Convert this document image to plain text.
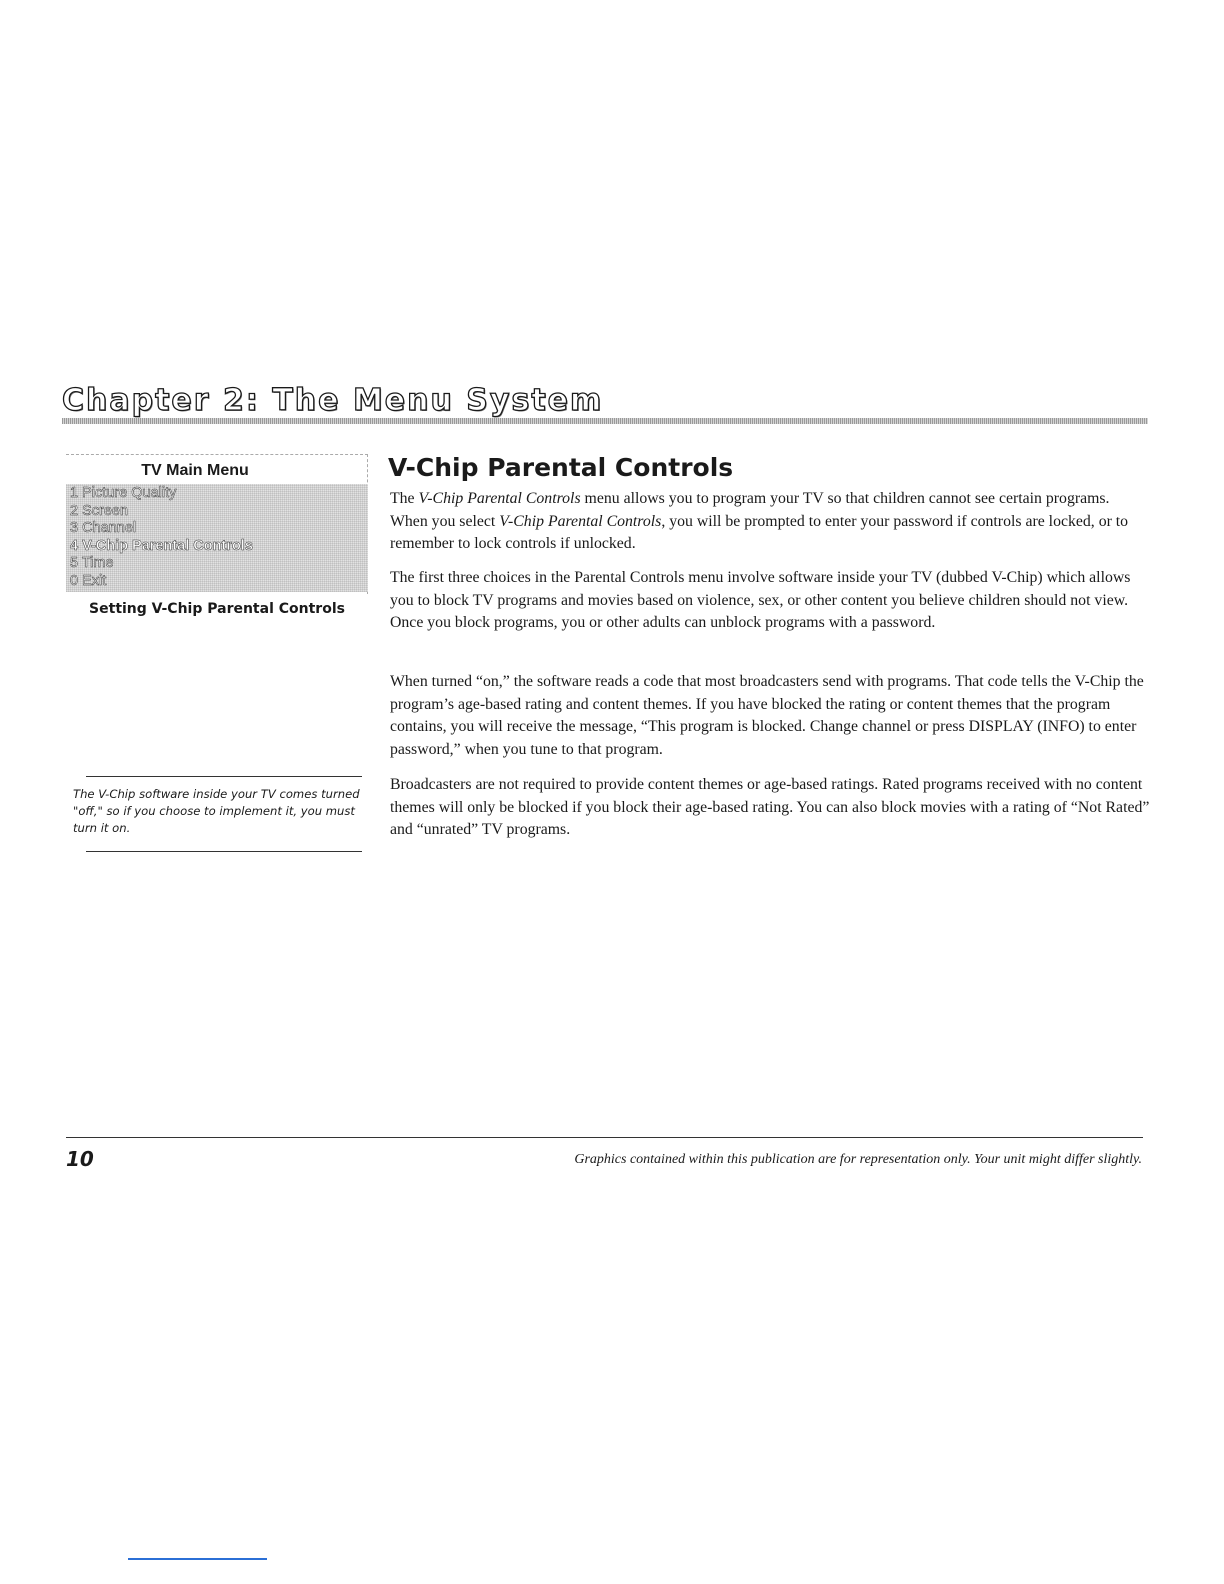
Chapter 2: The Menu System
TV Main Menu
1 Picture Quality
2 Screen
3 Channel
4 V-Chip Parental Controls
5 Time
0 Exit
Setting V-Chip Parental Controls

The V-Chip software inside your TV comes turned "off," so if you choose to implement it, you must turn it on.

V-Chip Parental Controls

The V-Chip Parental Controls menu allows you to program your TV so that children cannot see certain programs. When you select V-Chip Parental Controls, you will be prompted to enter your password if controls are locked, or to remember to lock controls if unlocked.

The first three choices in the Parental Controls menu involve software inside your TV (dubbed V-Chip) which allows you to block TV programs and movies based on violence, sex, or other content you believe children should not view. Once you block programs, you or other adults can unblock programs with a password.

When turned “on,” the software reads a code that most broadcasters send with programs. That code tells the V-Chip the program’s age-based rating and content themes. If you have blocked the rating or content themes that the program contains, you will receive the message, “This program is blocked. Change channel or press DISPLAY (INFO) to enter password,” when you tune to that program.

Broadcasters are not required to provide content themes or age-based ratings. Rated programs received with no content themes will only be blocked if you block their age-based rating. You can also block movies with a rating of “Not Rated” and “unrated” TV programs.

10	Graphics contained within this publication are for representation only. Your unit might differ slightly.
